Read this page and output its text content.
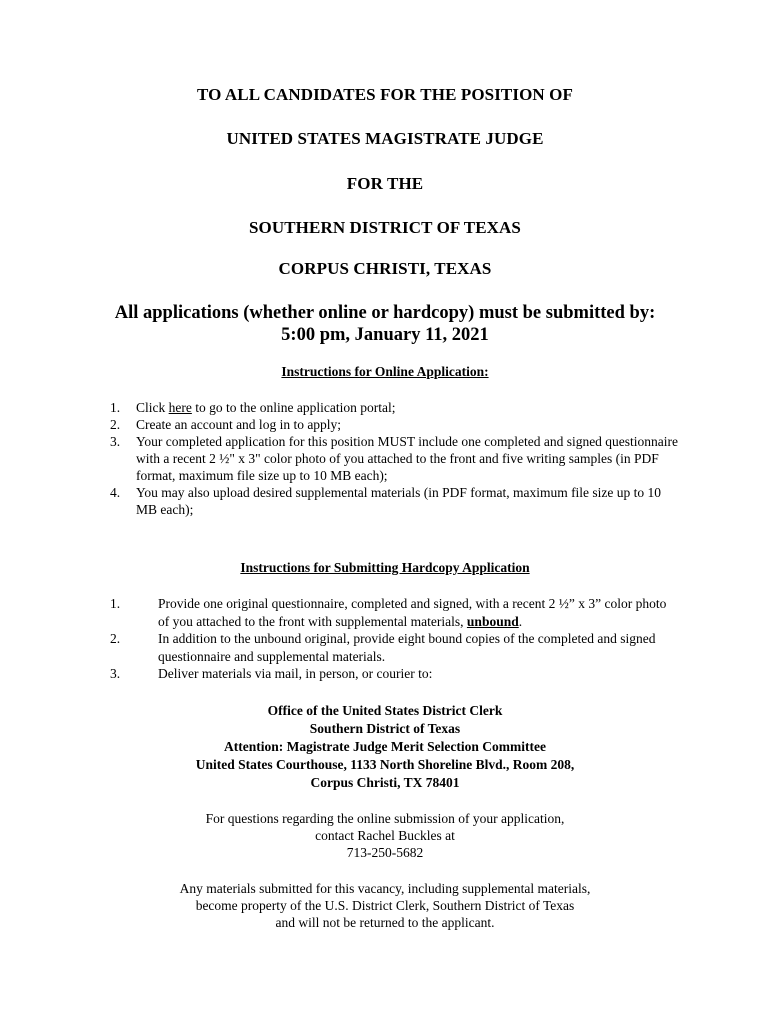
TO ALL CANDIDATES FOR THE POSITION OF
UNITED STATES MAGISTRATE JUDGE
FOR THE
SOUTHERN DISTRICT OF TEXAS
CORPUS CHRISTI, TEXAS
All applications (whether online or hardcopy) must be submitted by:
5:00 pm, January 11, 2021
Instructions for Online Application:
1.	Click here to go to the online application portal;
2.	Create an account and log in to apply;
3.	Your completed application for this position MUST include one completed and signed questionnaire with a recent 2 ½" x 3" color photo of you attached to the front and five writing samples (in PDF format, maximum file size up to 10 MB each);
4.	You may also upload desired supplemental materials (in PDF format, maximum file size up to 10 MB each);
Instructions for Submitting Hardcopy Application
1.	Provide one original questionnaire, completed and signed, with a recent 2 ½” x 3” color photo of you attached to the front with supplemental materials, unbound.
2.	In addition to the unbound original, provide eight bound copies of the completed and signed questionnaire and supplemental materials.
3.	Deliver materials via mail, in person, or courier to:
Office of the United States District Clerk
Southern District of Texas
Attention: Magistrate Judge Merit Selection Committee
United States Courthouse, 1133 North Shoreline Blvd., Room 208,
Corpus Christi, TX 78401
For questions regarding the online submission of your application,
contact Rachel Buckles at
713-250-5682
Any materials submitted for this vacancy, including supplemental materials,
become property of the U.S. District Clerk, Southern District of Texas
and will not be returned to the applicant.
